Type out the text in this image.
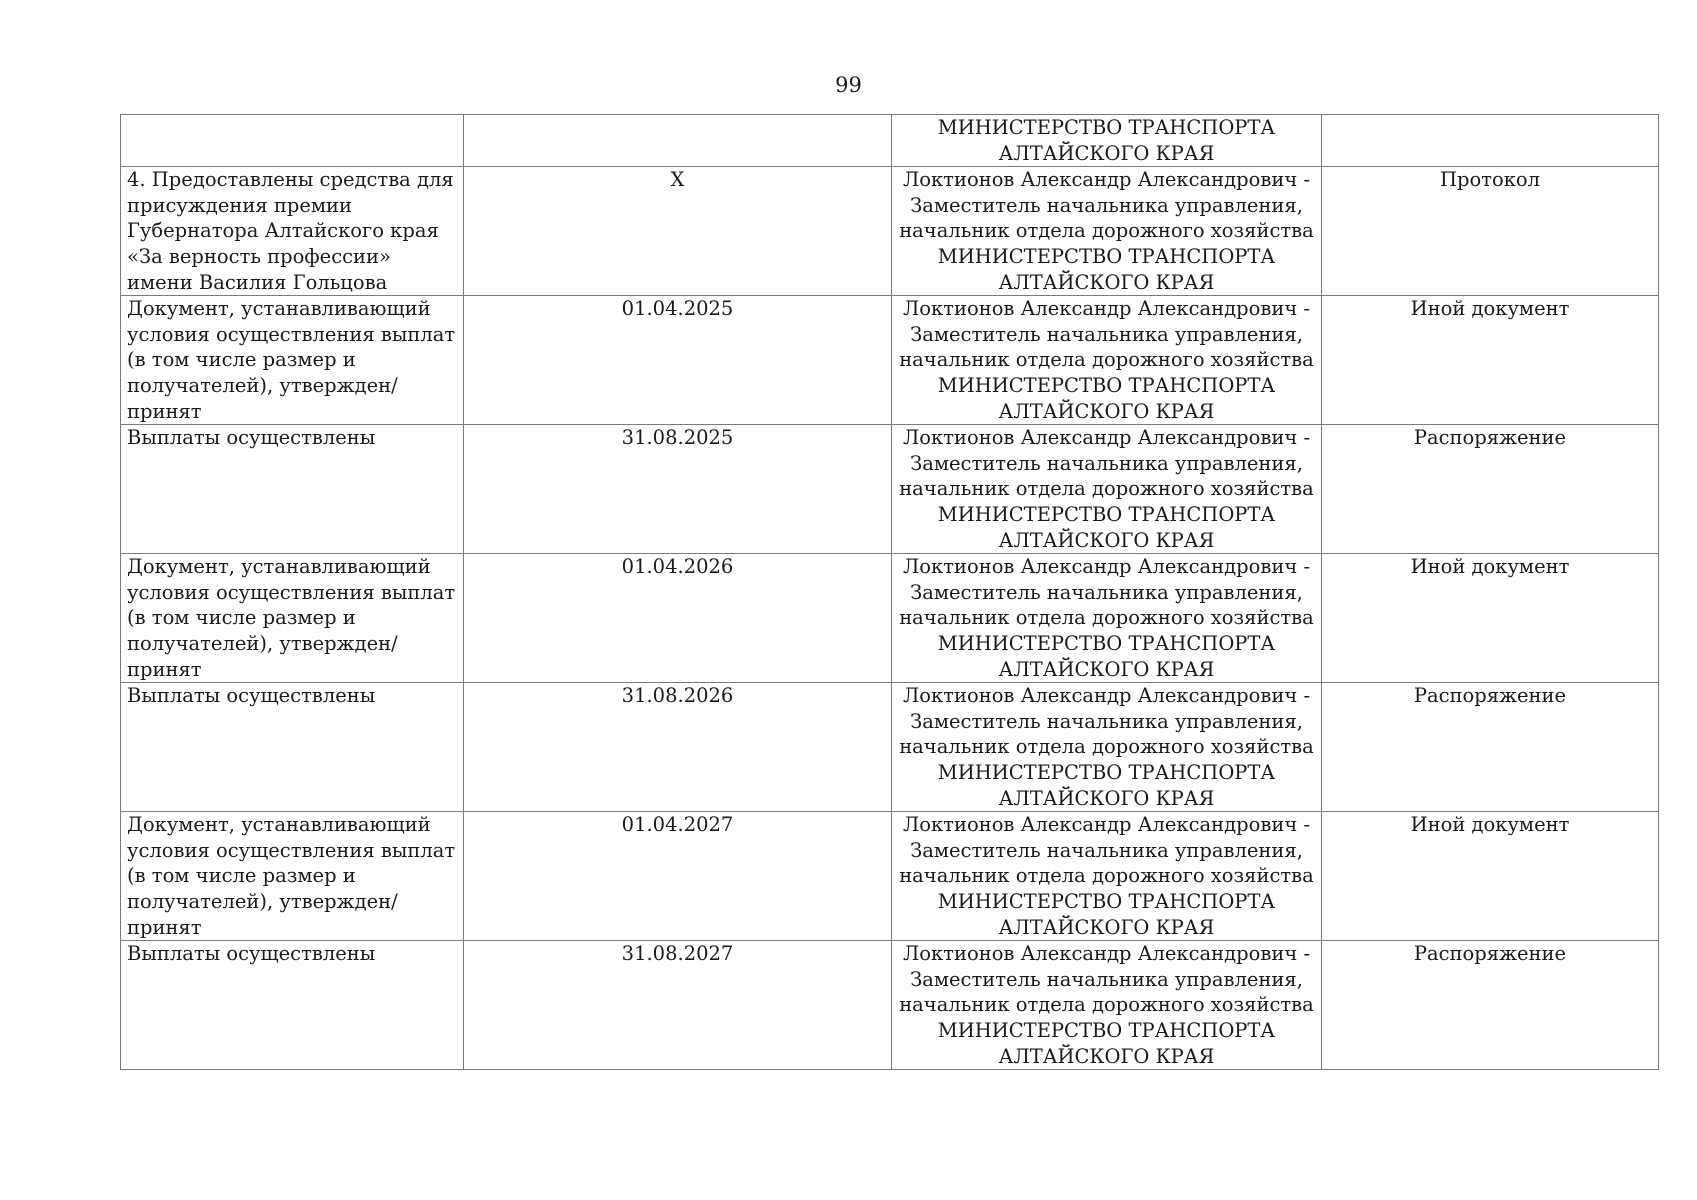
99

		МИНИСТЕРСТВО ТРАНСПОРТА
АЛТАЙСКОГО КРАЯ	

4. Предоставлены средства для присуждения премии Губернатора Алтайского края «За верность профессии» имени Василия Гольцова	X	Локтионов Александр Александрович -
Заместитель начальника управления,
начальник отдела дорожного хозяйства
МИНИСТЕРСТВО ТРАНСПОРТА
АЛТАЙСКОГО КРАЯ	Протокол
Документ, устанавливающий условия осуществления выплат (в том числе размер и получателей), утвержден/принят	01.04.2025	Локтионов Александр Александрович -
Заместитель начальника управления,
начальник отдела дорожного хозяйства
МИНИСТЕРСТВО ТРАНСПОРТА
АЛТАЙСКОГО КРАЯ	Иной документ
Выплаты осуществлены	31.08.2025	Локтионов Александр Александрович -
Заместитель начальника управления,
начальник отдела дорожного хозяйства
МИНИСТЕРСТВО ТРАНСПОРТА
АЛТАЙСКОГО КРАЯ	Распоряжение
Документ, устанавливающий условия осуществления выплат (в том числе размер и получателей), утвержден/принят	01.04.2026	Локтионов Александр Александрович -
Заместитель начальника управления,
начальник отдела дорожного хозяйства
МИНИСТЕРСТВО ТРАНСПОРТА
АЛТАЙСКОГО КРАЯ	Иной документ
Выплаты осуществлены	31.08.2026	Локтионов Александр Александрович -
Заместитель начальника управления,
начальник отдела дорожного хозяйства
МИНИСТЕРСТВО ТРАНСПОРТА
АЛТАЙСКОГО КРАЯ	Распоряжение
Документ, устанавливающий условия осуществления выплат (в том числе размер и получателей), утвержден/принят	01.04.2027	Локтионов Александр Александрович -
Заместитель начальника управления,
начальник отдела дорожного хозяйства
МИНИСТЕРСТВО ТРАНСПОРТА
АЛТАЙСКОГО КРАЯ	Иной документ
Выплаты осуществлены	31.08.2027	Локтионов Александр Александрович -
Заместитель начальника управления,
начальник отдела дорожного хозяйства
МИНИСТЕРСТВО ТРАНСПОРТА
АЛТАЙСКОГО КРАЯ	Распоряжение
